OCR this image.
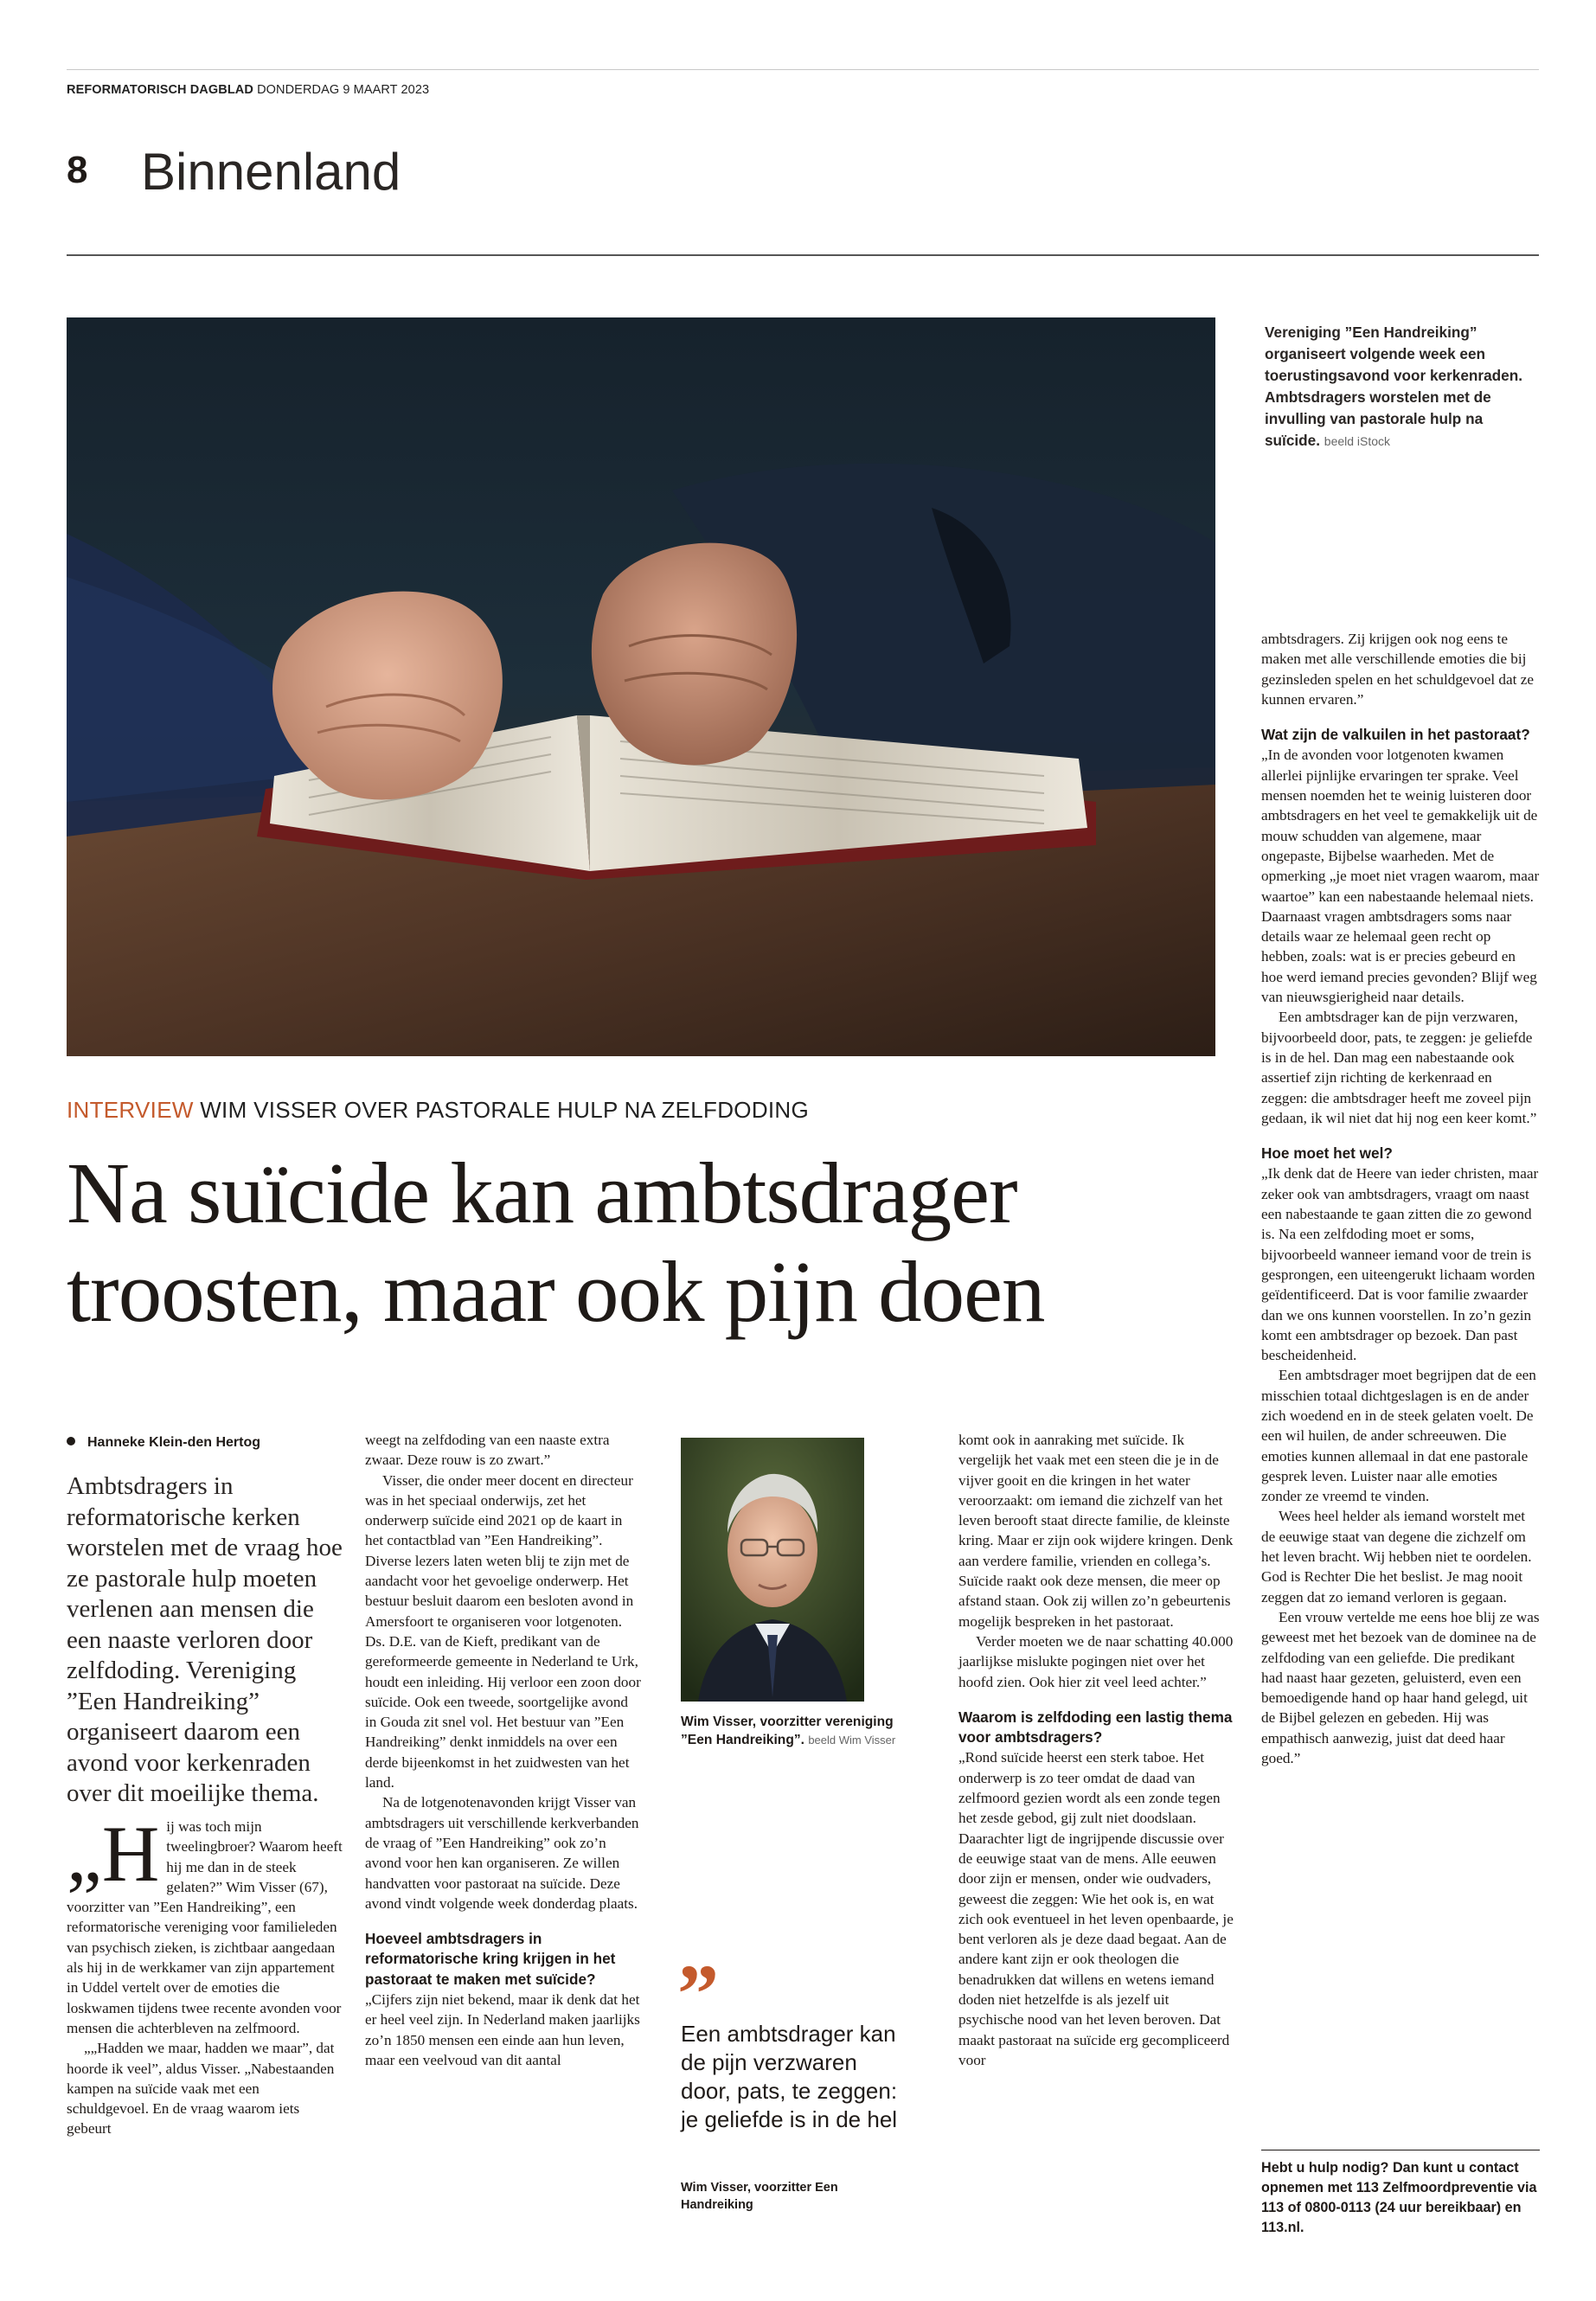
REFORMATORISCH DAGBLAD DONDERDAG 9 MAART 2023
8 Binnenland
Vereniging ”Een Handreiking” organiseert volgende week een toerustingsavond voor kerkenraden. Ambtsdragers worstelen met de invulling van pastorale hulp na suïcide. beeld iStock
INTERVIEW WIM VISSER OVER PASTORALE HULP NA ZELFDODING
Na suïcide kan ambtsdrager
troosten, maar ook pijn doen
Hanneke Klein-den Hertog
Ambtsdragers in reformatorische kerken worstelen met de vraag hoe ze pastorale hulp moeten verlenen aan mensen die een naaste verloren door zelfdoding. Vereniging ”Een Handreiking” organiseert daarom een avond voor kerkenraden over dit moeilijke thema.

„Hij was toch mijn tweelingbroer? Waarom heeft hij me dan in de steek gelaten?” Wim Visser (67), voorzitter van ”Een Handreiking”, een reformatorische vereniging voor familieleden van psychisch zieken, is zichtbaar aangedaan als hij in de werkkamer van zijn appartement in Uddel vertelt over de emoties die loskwamen tijdens twee recente avonden voor mensen die achterbleven na zelfmoord.

„„Hadden we maar, hadden we maar”, dat hoorde ik veel”, aldus Visser. „Nabestaanden kampen na suïcide vaak met een schuldgevoel. En de vraag waarom iets gebeurt

weegt na zelfdoding van een naaste extra zwaar. Deze rouw is zo zwart.”

Visser, die onder meer docent en directeur was in het speciaal onderwijs, zet het onderwerp suïcide eind 2021 op de kaart in het contactblad van ”Een Handreiking”. Diverse lezers laten weten blij te zijn met de aandacht voor het gevoelige onderwerp. Het bestuur besluit daarom een besloten avond in Amersfoort te organiseren voor lotgenoten. Ds. D.E. van de Kieft, predikant van de gereformeerde gemeente in Nederland te Urk, houdt een inleiding. Hij verloor een zoon door suïcide. Ook een tweede, soortgelijke avond in Gouda zit snel vol. Het bestuur van ”Een Handreiking” denkt inmiddels na over een derde bijeenkomst in het zuidwesten van het land.

Na de lotgenotenavonden krijgt Visser van ambtsdragers uit verschillende kerkverbanden de vraag of ”Een Handreiking” ook zo’n avond voor hen kan organiseren. Ze willen handvatten voor pastoraat na suïcide. Deze avond vindt volgende week donderdag plaats.

Hoeveel ambtsdragers in reformatorische kring krijgen in het pastoraat te maken met suïcide?

„Cijfers zijn niet bekend, maar ik denk dat het er heel veel zijn. In Nederland maken jaarlijks zo’n 1850 mensen een einde aan hun leven, maar een veelvoud van dit aantal

Wim Visser, voorzitter vereniging ”Een Handreiking”. beeld Wim Visser
”
Een ambtsdrager kan de pijn verzwaren door, pats, te zeggen: je geliefde is in de hel
Wim Visser, voorzitter Een Handreiking

komt ook in aanraking met suïcide. Ik vergelijk het vaak met een steen die je in de vijver gooit en die kringen in het water veroorzaakt: om iemand die zichzelf van het leven berooft staat directe familie, de kleinste kring. Maar er zijn ook wijdere kringen. Denk aan verdere familie, vrienden en collega’s. Suïcide raakt ook deze mensen, die meer op afstand staan. Ook zij willen zo’n gebeurtenis mogelijk bespreken in het pastoraat.

Verder moeten we de naar schatting 40.000 jaarlijkse mislukte pogingen niet over het hoofd zien. Ook hier zit veel leed achter.”

Waarom is zelfdoding een lastig thema voor ambtsdragers?

„Rond suïcide heerst een sterk taboe. Het onderwerp is zo teer omdat de daad van zelfmoord gezien wordt als een zonde tegen het zesde gebod, gij zult niet doodslaan. Daarachter ligt de ingrijpende discussie over de eeuwige staat van de mens. Alle eeuwen door zijn er mensen, onder wie oudvaders, geweest die zeggen: Wie het ook is, en wat zich ook eventueel in het leven openbaarde, je bent verloren als je deze daad begaat. Aan de andere kant zijn er ook theologen die benadrukken dat willens en wetens iemand doden niet hetzelfde is als jezelf uit psychische nood van het leven beroven. Dat maakt pastoraat na suïcide erg gecompliceerd voor

ambtsdragers. Zij krijgen ook nog eens te maken met alle verschillende emoties die bij gezinsleden spelen en het schuldgevoel dat ze kunnen ervaren.”

Wat zijn de valkuilen in het pastoraat?

„In de avonden voor lotgenoten kwamen allerlei pijnlijke ervaringen ter sprake. Veel mensen noemden het te weinig luisteren door ambtsdragers en het veel te gemakkelijk uit de mouw schudden van algemene, maar ongepaste, Bijbelse waarheden. Met de opmerking „je moet niet vragen waarom, maar waartoe” kan een nabestaande helemaal niets. Daarnaast vragen ambtsdragers soms naar details waar ze helemaal geen recht op hebben, zoals: wat is er precies gebeurd en hoe werd iemand precies gevonden? Blijf weg van nieuwsgierigheid naar details.

Een ambtsdrager kan de pijn verzwaren, bijvoorbeeld door, pats, te zeggen: je geliefde is in de hel. Dan mag een nabestaande ook assertief zijn richting de kerkenraad en zeggen: die ambtsdrager heeft me zoveel pijn gedaan, ik wil niet dat hij nog een keer komt.”

Hoe moet het wel?

„Ik denk dat de Heere van ieder christen, maar zeker ook van ambtsdragers, vraagt om naast een nabestaande te gaan zitten die zo gewond is. Na een zelfdoding moet er soms, bijvoorbeeld wanneer iemand voor de trein is gesprongen, een uiteengerukt lichaam worden geïdentificeerd. Dat is voor familie zwaarder dan we ons kunnen voorstellen. In zo’n gezin komt een ambtsdrager op bezoek. Dan past bescheidenheid.

Een ambtsdrager moet begrijpen dat de een misschien totaal dichtgeslagen is en de ander zich woedend en in de steek gelaten voelt. De een wil huilen, de ander schreeuwen. Die emoties kunnen allemaal in dat ene pastorale gesprek leven. Luister naar alle emoties zonder ze vreemd te vinden.

Wees heel helder als iemand worstelt met de eeuwige staat van degene die zichzelf om het leven bracht. Wij hebben niet te oordelen. God is Rechter Die het beslist. Je mag nooit zeggen dat zo iemand verloren is gegaan.

Een vrouw vertelde me eens hoe blij ze was geweest met het bezoek van de dominee na de zelfdoding van een geliefde. Die predikant had naast haar gezeten, geluisterd, even een bemoedigende hand op haar hand gelegd, uit de Bijbel gelezen en gebeden. Hij was empathisch aanwezig, juist dat deed haar goed.”

Hebt u hulp nodig? Dan kunt u contact opnemen met 113 Zelfmoordpreventie via 113 of 0800-0113 (24 uur bereikbaar) en 113.nl.
